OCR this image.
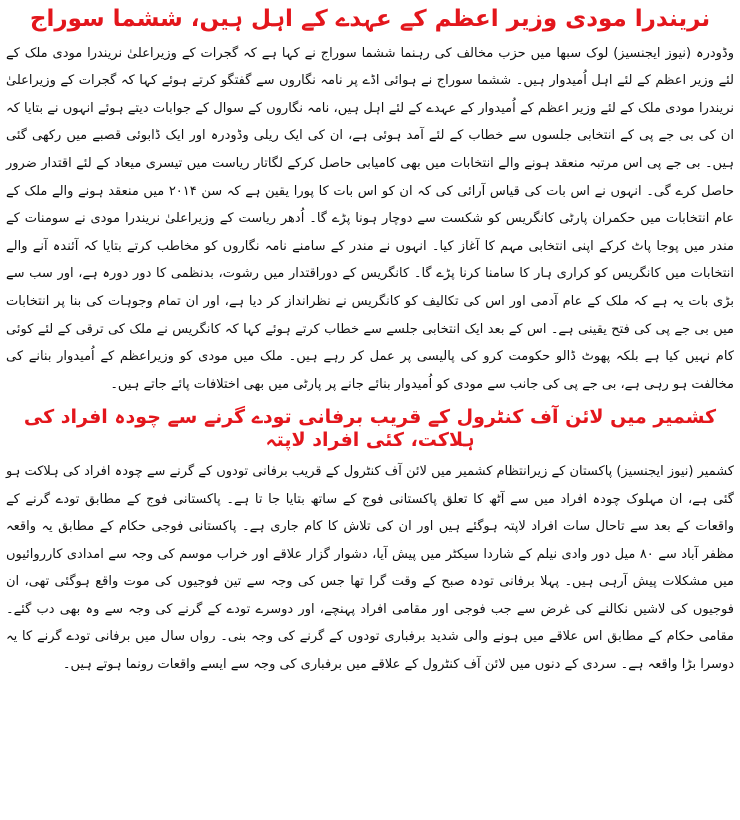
نریندرا مودی وزیر اعظم کے عہدے کے اہل ہیں، ششما سوراج

وڈودرہ (نیوز ایجنسیز) لوک سبھا میں حزب مخالف کی رہنما ششما سوراج نے کہا ہے کہ گجرات کے وزیراعلیٰ نریندرا مودی ملک کے لئے وزیر اعظم کے لئے اہل اُمیدوار ہیں۔ ششما سوراج نے ہوائی اڈے پر نامہ نگاروں سے گفتگو کرتے ہوئے کہا کہ گجرات کے وزیراعلیٰ نریندرا مودی ملک کے لئے وزیر اعظم کے اُمیدوار کے عہدے کے لئے اہل ہیں، نامہ نگاروں کے سوال کے جوابات دیتے ہوئے انہوں نے بتایا کہ ان کی بی جے پی کے انتخابی جلسوں سے خطاب کے لئے آمد ہوئی ہے، ان کی ایک ریلی وڈودرہ اور ایک ڈابوئی قصبے میں رکھی گئی ہیں۔ بی جے پی اس مرتبہ منعقد ہونے والے انتخابات میں بھی کامیابی حاصل کرکے لگاتار ریاست میں تیسری میعاد کے لئے اقتدار ضرور حاصل کرے گی۔ انہوں نے اس بات کی قیاس آرائی کی کہ ان کو اس بات کا پورا یقین ہے کہ سن ۲۰۱۴ میں منعقد ہونے والے ملک کے عام انتخابات میں حکمران پارٹی کانگریس کو شکست سے دوچار ہونا پڑے گا۔ اُدھر ریاست کے وزیراعلیٰ نریندرا مودی نے سومنات کے مندر میں پوجا پاٹ کرکے اپنی انتخابی مہم کا آغاز کیا۔ انہوں نے مندر کے سامنے نامہ نگاروں کو مخاطب کرتے بتایا کہ آئندہ آنے والے انتخابات میں کانگریس کو کراری ہار کا سامنا کرنا پڑے گا۔ کانگریس کے دوراقتدار میں رشوت، بدنظمی کا دور دورہ ہے، اور سب سے بڑی بات یہ ہے کہ ملک کے عام آدمی اور اس کی تکالیف کو کانگریس نے نظرانداز کر دیا ہے، اور ان تمام وجوہات کی بنا پر انتخابات میں بی جے پی کی فتح یقینی ہے۔ اس کے بعد ایک انتخابی جلسے سے خطاب کرتے ہوئے کہا کہ کانگریس نے ملک کی ترقی کے لئے کوئی کام نہیں کیا ہے بلکہ پھوٹ ڈالو حکومت کرو کی پالیسی پر عمل کر رہے ہیں۔ ملک میں مودی کو وزیراعظم کے اُمیدوار بنانے کی مخالفت ہو رہی ہے، بی جے پی کی جانب سے مودی کو اُمیدوار بنائے جانے پر پارٹی میں بھی اختلافات پائے جاتے ہیں۔

کشمیر میں لائن آف کنٹرول کے قریب برفانی تودے گرنے سے چودہ افراد کی ہلاکت، کئی افراد لاپتہ

کشمیر (نیوز ایجنسیز) پاکستان کے زیرانتظام کشمیر میں لائن آف کنٹرول کے قریب برفانی تودوں کے گرنے سے چودہ افراد کی ہلاکت ہو گئی ہے، ان مہلوک چودہ افراد میں سے آٹھ کا تعلق پاکستانی فوج کے ساتھ بتایا جا تا ہے۔ پاکستانی فوج کے مطابق تودے گرنے کے واقعات کے بعد سے تاحال سات افراد لاپتہ ہوگئے ہیں اور ان کی تلاش کا کام جاری ہے۔ پاکستانی فوجی حکام کے مطابق یہ واقعہ مظفر آباد سے ۸۰ میل دور وادی نیلم کے شاردا سیکٹر میں پیش آیا، دشوار گزار علاقے اور خراب موسم کی وجہ سے امدادی کارروائیوں میں مشکلات پیش آرہی ہیں۔ پہلا برفانی تودہ صبح کے وقت گرا تھا جس کی وجہ سے تین فوجیوں کی موت واقع ہوگئی تھی، ان فوجیوں کی لاشیں نکالنے کی غرض سے جب فوجی اور مقامی افراد پہنچے، اور دوسرے تودے کے گرنے کی وجہ سے وہ بھی دب گئے۔ مقامی حکام کے مطابق اس علاقے میں ہونے والی شدید برفباری تودوں کے گرنے کی وجہ بنی۔ رواں سال میں برفانی تودے گرنے کا یہ دوسرا بڑا واقعہ ہے۔ سردی کے دنوں میں لائن آف کنٹرول کے علاقے میں برفباری کی وجہ سے ایسے واقعات رونما ہوتے ہیں۔
